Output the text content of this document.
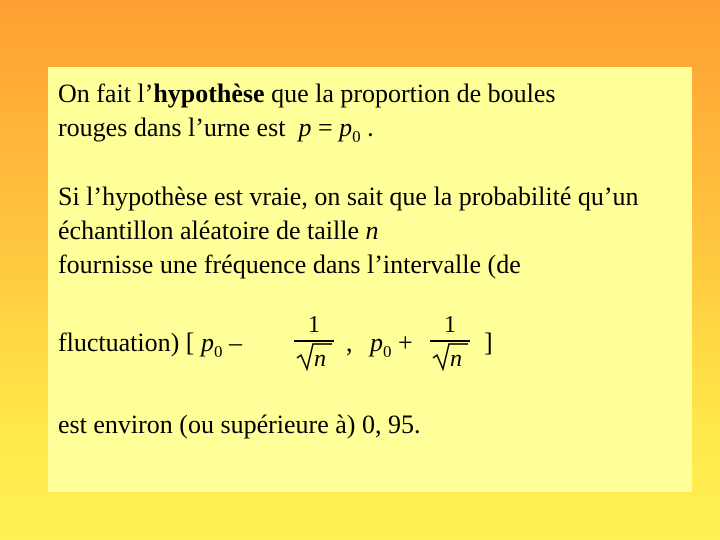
On fait l’hypothèse que la proportion de boules
rouges dans l’urne est  $p = p_0$ .

Si l’hypothèse est vraie, on sait que la probabilité qu’un échantillon aléatoire de taille n
fournisse une fréquence dans l’intervalle (de

fluctuation) [ $p_0$ –
1
n
, $p_0$ +
1
n
]

est environ (ou supérieure à) 0, 95.
